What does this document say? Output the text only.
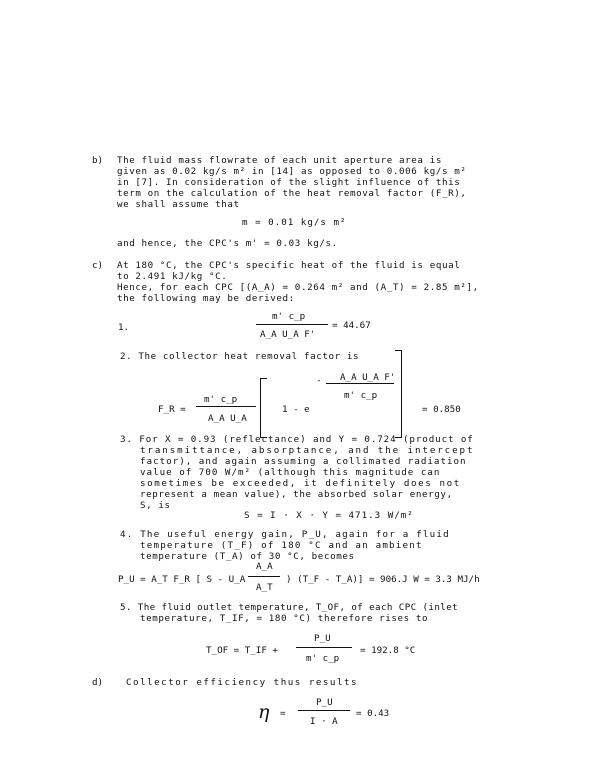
b) The fluid mass flowrate of each unit aperture area is
given as 0.02 kg/s m² in [14] as opposed to 0.006 kg/s m²
in [7]. In consideration of the slight influence of this
term on the calculation of the heat removal factor (F_R),
we shall assume that
m = 0.01 kg/s m²
and hence, the CPC's m' = 0.03 kg/s.
c) At 180 °C, the CPC's specific heat of the fluid is equal
to 2.491 kJ/kg °C.
Hence, for each CPC [(A_A) = 0.264 m² and (A_T) = 2.85 m²],
the following may be derived:
1.
m' c_p
A_A U_A F'
= 44.67
2. The collector heat removal factor is
F_R =
m' c_p
A_A U_A
1 - e
- A_A U_A F'
m' c_p
= 0.850
3. For X = 0.93 (reflectance) and Y = 0.724 (product of
transmittance, absorptance, and the intercept
factor), and again assuming a collimated radiation
value of 700 W/m² (although this magnitude can
sometimes be exceeded, it definitely does not
represent a mean value), the absorbed solar energy,
S, is
S = I · X · Y = 471.3 W/m²
4. The useful energy gain, P_U, again for a fluid
temperature (T_F) of 180 °C and an ambient
temperature (T_A) of 30 °C, becomes
P_U = A_T F_R [ S - U_A
A_A
A_T
) (T_F - T_A)] = 906.J W = 3.3 MJ/h
5. The fluid outlet temperature, T_OF, of each CPC (inlet
temperature, T_IF, = 180 °C) therefore rises to
T_OF = T_IF +
P_U
m' c_p
= 192.8 °C
d) Collector efficiency thus results
η =
P_U
I · A
= 0.43
